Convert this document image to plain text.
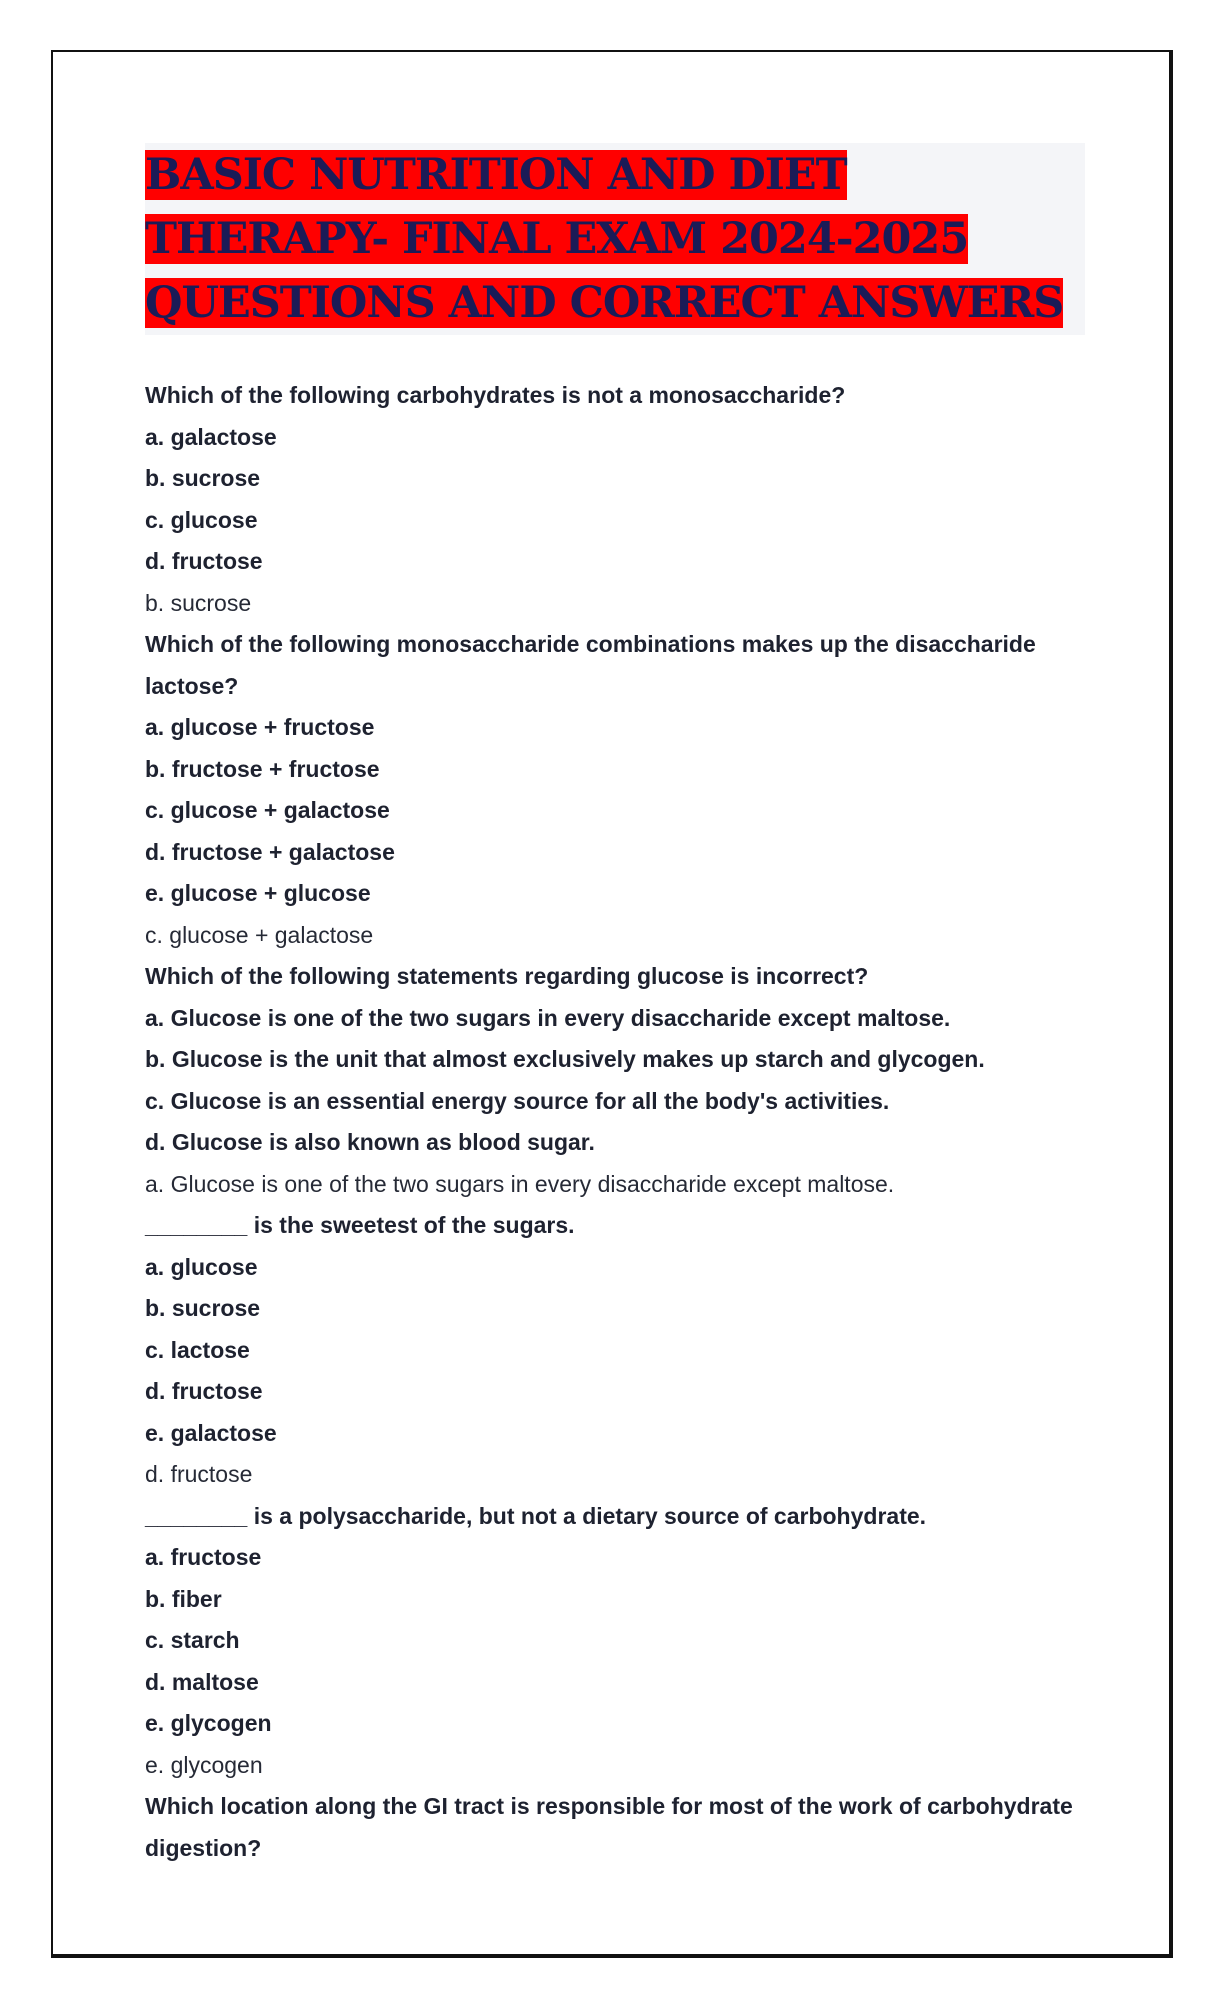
BASIC NUTRITION AND DIET THERAPY- FINAL EXAM 2024-2025 QUESTIONS AND CORRECT ANSWERS
Which of the following carbohydrates is not a monosaccharide?
a. galactose
b. sucrose
c. glucose
d. fructose
b. sucrose
Which of the following monosaccharide combinations makes up the disaccharide lactose?
a. glucose + fructose
b. fructose + fructose
c. glucose + galactose
d. fructose + galactose
e. glucose + glucose
c. glucose + galactose
Which of the following statements regarding glucose is incorrect?
a. Glucose is one of the two sugars in every disaccharide except maltose.
b. Glucose is the unit that almost exclusively makes up starch and glycogen.
c. Glucose is an essential energy source for all the body's activities.
d. Glucose is also known as blood sugar.
a. Glucose is one of the two sugars in every disaccharide except maltose.
________ is the sweetest of the sugars.
a. glucose
b. sucrose
c. lactose
d. fructose
e. galactose
d. fructose
________ is a polysaccharide, but not a dietary source of carbohydrate.
a. fructose
b. fiber
c. starch
d. maltose
e. glycogen
e. glycogen
Which location along the GI tract is responsible for most of the work of carbohydrate digestion?
